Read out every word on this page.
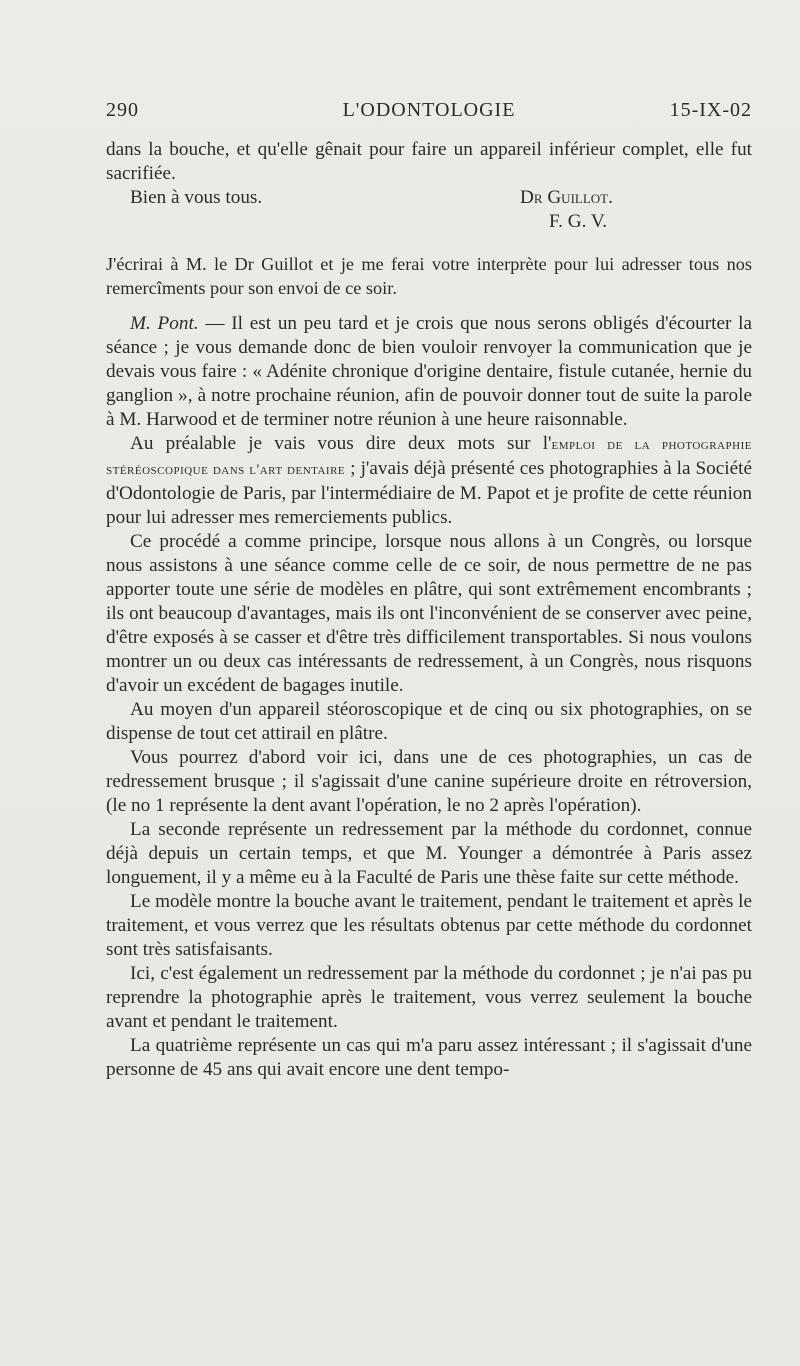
290	L'ODONTOLOGIE	15-IX-02

dans la bouche, et qu'elle gênait pour faire un appareil inférieur complet, elle fut sacrifiée.

Bien à vous tous.	Dr Guillot.
F. G. V.

J'écrirai à M. le Dr Guillot et je me ferai votre interprète pour lui adresser tous nos remercîments pour son envoi de ce soir.

M. Pont. — Il est un peu tard et je crois que nous serons obligés d'écourter la séance ; je vous demande donc de bien vouloir renvoyer la communication que je devais vous faire : « Adénite chronique d'origine dentaire, fistule cutanée, hernie du ganglion », à notre prochaine réunion, afin de pouvoir donner tout de suite la parole à M. Harwood et de terminer notre réunion à une heure raisonnable.

Au préalable je vais vous dire deux mots sur l'emploi de la photographie stéréoscopique dans l'art dentaire ; j'avais déjà présenté ces photographies à la Société d'Odontologie de Paris, par l'intermédiaire de M. Papot et je profite de cette réunion pour lui adresser mes remerciements publics.

Ce procédé a comme principe, lorsque nous allons à un Congrès, ou lorsque nous assistons à une séance comme celle de ce soir, de nous permettre de ne pas apporter toute une série de modèles en plâtre, qui sont extrêmement encombrants ; ils ont beaucoup d'avantages, mais ils ont l'inconvénient de se conserver avec peine, d'être exposés à se casser et d'être très difficilement transportables. Si nous voulons montrer un ou deux cas intéressants de redressement, à un Congrès, nous risquons d'avoir un excédent de bagages inutile.

Au moyen d'un appareil stéoroscopique et de cinq ou six photographies, on se dispense de tout cet attirail en plâtre.

Vous pourrez d'abord voir ici, dans une de ces photographies, un cas de redressement brusque ; il s'agissait d'une canine supérieure droite en rétroversion, (le no 1 représente la dent avant l'opération, le no 2 après l'opération).

La seconde représente un redressement par la méthode du cordonnet, connue déjà depuis un certain temps, et que M. Younger a démontrée à Paris assez longuement, il y a même eu à la Faculté de Paris une thèse faite sur cette méthode.

Le modèle montre la bouche avant le traitement, pendant le traitement et après le traitement, et vous verrez que les résultats obtenus par cette méthode du cordonnet sont très satisfaisants.

Ici, c'est également un redressement par la méthode du cordonnet ; je n'ai pas pu reprendre la photographie après le traitement, vous verrez seulement la bouche avant et pendant le traitement.

La quatrième représente un cas qui m'a paru assez intéressant ; il s'agissait d'une personne de 45 ans qui avait encore une dent tempo-
